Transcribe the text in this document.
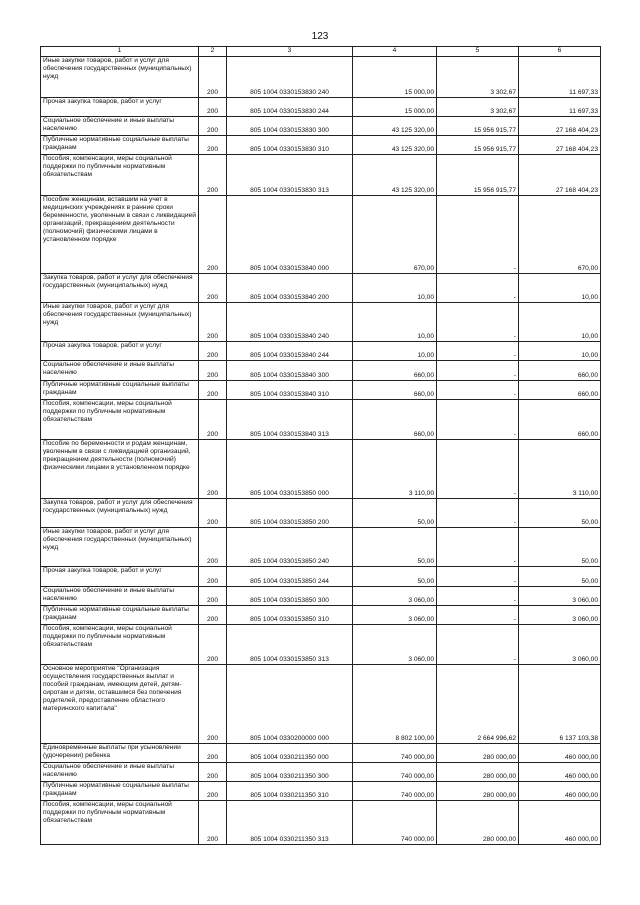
123
1	2	3	4	5	6
Иные закупки товаров, работ и услуг для обеспечения государственных (муниципальных) нужд	200	805 1004 0330153830 240	15 000,00	3 302,67	11 697,33
Прочая закупка товаров, работ и услуг	200	805 1004 0330153830 244	15 000,00	3 302,67	11 697,33
Социальное обеспечение и иные выплаты населению	200	805 1004 0330153830 300	43 125 320,00	15 956 915,77	27 168 404,23
Публичные нормативные социальные выплаты гражданам	200	805 1004 0330153830 310	43 125 320,00	15 956 915,77	27 168 404,23
Пособия, компенсации, меры социальной поддержки по публичным нормативным обязательствам	200	805 1004 0330153830 313	43 125 320,00	15 956 915,77	27 168 404,23
Пособие женщинам, вставшим на учет в медицинских учреждениях в ранние сроки беременности, уволенным в связи с ликвидацией организаций, прекращением деятельности (полномочий) физическими лицами в установленном порядке	200	805 1004 0330153840 000	670,00	-	670,00
Закупка товаров, работ и услуг для обеспечения государственных (муниципальных) нужд	200	805 1004 0330153840 200	10,00	-	10,00
Иные закупки товаров, работ и услуг для обеспечения государственных (муниципальных) нужд	200	805 1004 0330153840 240	10,00	-	10,00
Прочая закупка товаров, работ и услуг	200	805 1004 0330153840 244	10,00	-	10,00
Социальное обеспечение и иные выплаты населению	200	805 1004 0330153840 300	660,00	-	660,00
Публичные нормативные социальные выплаты гражданам	200	805 1004 0330153840 310	660,00	-	660,00
Пособия, компенсации, меры социальной поддержки по публичным нормативным обязательствам	200	805 1004 0330153840 313	660,00	-	660,00
Пособие по беременности и родам женщинам, уволенным в связи с ликвидацией организаций, прекращением деятельности (полномочий) физическими лицами в установленном порядке	200	805 1004 0330153850 000	3 110,00	-	3 110,00
Закупка товаров, работ и услуг для обеспечения государственных (муниципальных) нужд	200	805 1004 0330153850 200	50,00	-	50,00
Иные закупки товаров, работ и услуг для обеспечения государственных (муниципальных) нужд	200	805 1004 0330153850 240	50,00	-	50,00
Прочая закупка товаров, работ и услуг	200	805 1004 0330153850 244	50,00	-	50,00
Социальное обеспечение и иные выплаты населению	200	805 1004 0330153850 300	3 060,00	-	3 060,00
Публичные нормативные социальные выплаты гражданам	200	805 1004 0330153850 310	3 060,00	-	3 060,00
Пособия, компенсации, меры социальной поддержки по публичным нормативным обязательствам	200	805 1004 0330153850 313	3 060,00	-	3 060,00
Основное мероприятие "Организация осуществления государственных выплат и пособий гражданам, имеющим детей, детям-сиротам и детям, оставшимся без попечения родителей, предоставление областного материнского капитала"	200	805 1004 0330200000 000	8 802 100,00	2 664 996,62	6 137 103,38
Единовременные выплаты при усыновлении (удочерении) ребенка	200	805 1004 0330211350 000	740 000,00	280 000,00	460 000,00
Социальное обеспечение и иные выплаты населению	200	805 1004 0330211350 300	740 000,00	280 000,00	460 000,00
Публичные нормативные социальные выплаты гражданам	200	805 1004 0330211350 310	740 000,00	280 000,00	460 000,00
Пособия, компенсации, меры социальной поддержки по публичным нормативным обязательствам	200	805 1004 0330211350 313	740 000,00	280 000,00	460 000,00
